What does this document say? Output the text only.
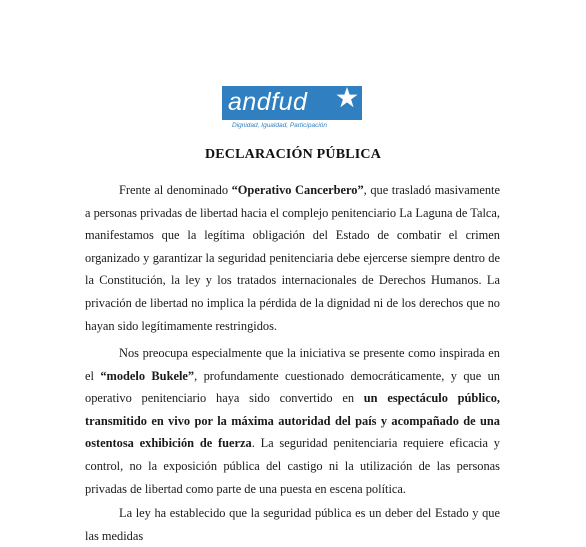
andfud
Dignidad, Igualdad, Participación
DECLARACIÓN PÚBLICA
Frente al denominado “Operativo Cancerbero”, que trasladó masivamente a personas privadas de libertad hacia el complejo penitenciario La Laguna de Talca, manifestamos que la legítima obligación del Estado de combatir el crimen organizado y garantizar la seguridad penitenciaria debe ejercerse siempre dentro de la Constitución, la ley y los tratados internacionales de Derechos Humanos. La privación de libertad no implica la pérdida de la dignidad ni de los derechos que no hayan sido legítimamente restringidos.
Nos preocupa especialmente que la iniciativa se presente como inspirada en el “modelo Bukele”, profundamente cuestionado democráticamente, y que un operativo penitenciario haya sido convertido en un espectáculo público, transmitido en vivo por la máxima autoridad del país y acompañado de una ostentosa exhibición de fuerza. La seguridad penitenciaria requiere eficacia y control, no la exposición pública del castigo ni la utilización de las personas privadas de libertad como parte de una puesta en escena política.
La ley ha establecido que la seguridad pública es un deber del Estado y que las medidas
